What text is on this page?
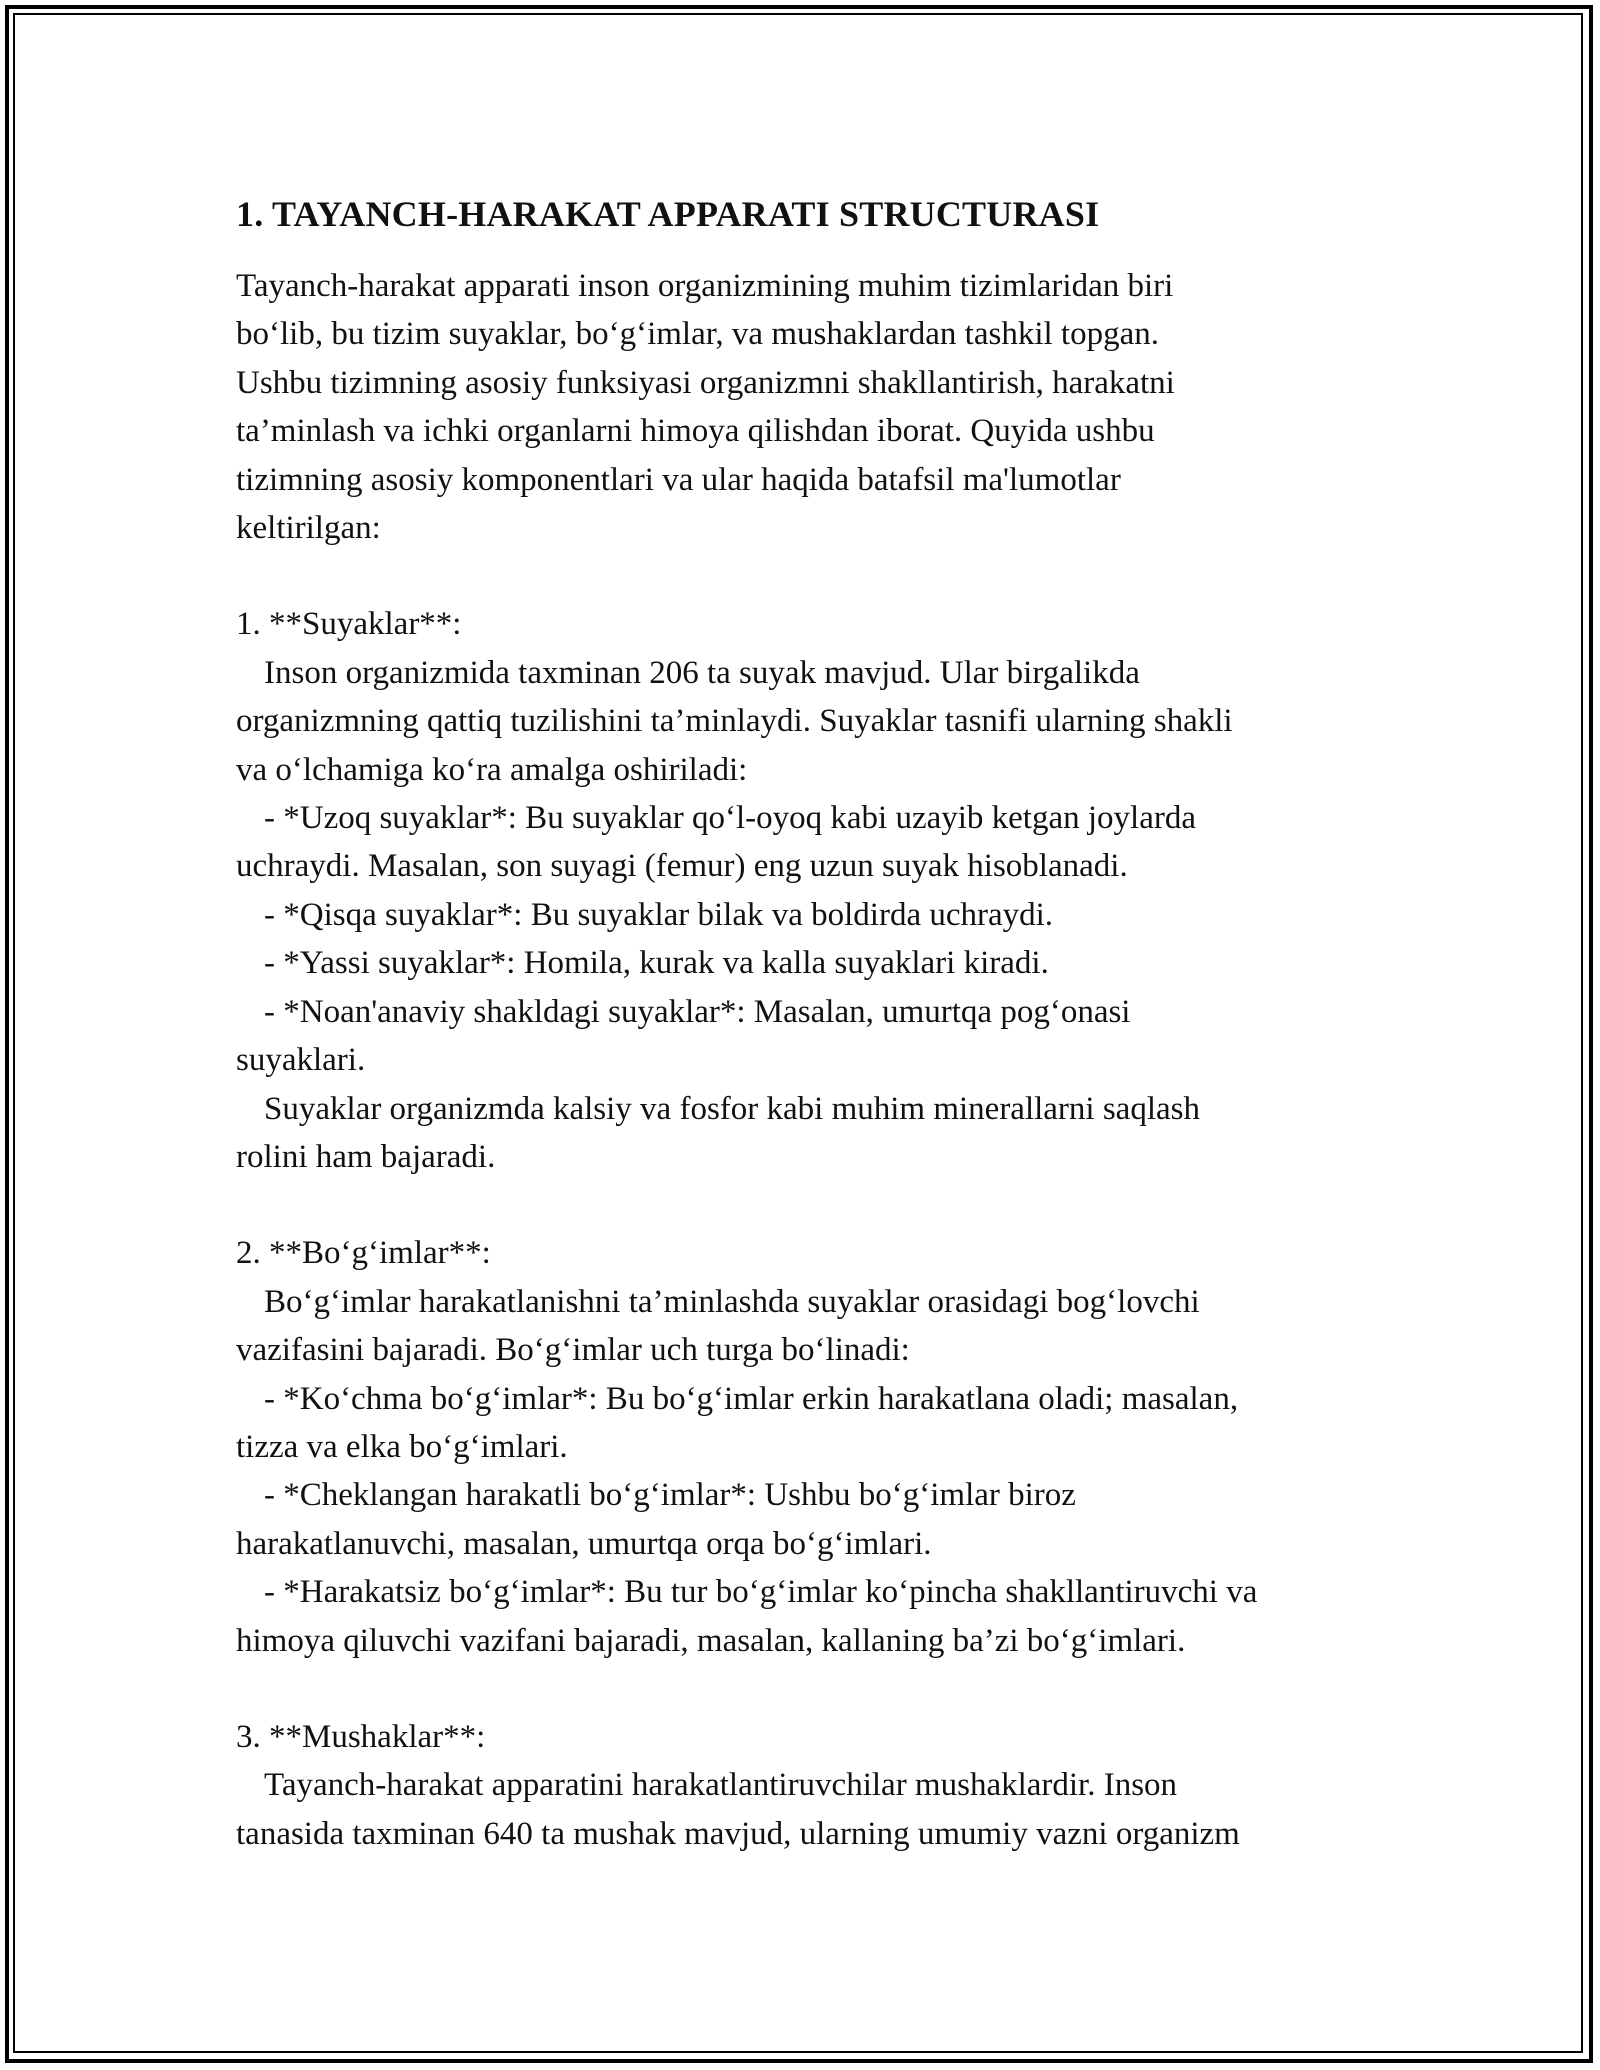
1. TAYANCH-HARAKAT APPARATI STRUCTURASI

Tayanch-harakat apparati inson organizmining muhim tizimlaridan biri

bo‘lib, bu tizim suyaklar, bo‘g‘imlar, va mushaklardan tashkil topgan.

Ushbu tizimning asosiy funksiyasi organizmni shakllantirish, harakatni

ta’minlash va ichki organlarni himoya qilishdan iborat. Quyida ushbu

tizimning asosiy komponentlari va ular haqida batafsil ma'lumotlar

keltirilgan:

1. **Suyaklar**:

Inson organizmida taxminan 206 ta suyak mavjud. Ular birgalikda

organizmning qattiq tuzilishini ta’minlaydi. Suyaklar tasnifi ularning shakli

va o‘lchamiga ko‘ra amalga oshiriladi:

- *Uzoq suyaklar*: Bu suyaklar qo‘l-oyoq kabi uzayib ketgan joylarda

uchraydi. Masalan, son suyagi (femur) eng uzun suyak hisoblanadi.

- *Qisqa suyaklar*: Bu suyaklar bilak va boldirda uchraydi.

- *Yassi suyaklar*: Homila, kurak va kalla suyaklari kiradi.

- *Noan'anaviy shakldagi suyaklar*: Masalan, umurtqa pog‘onasi

suyaklari.

Suyaklar organizmda kalsiy va fosfor kabi muhim minerallarni saqlash

rolini ham bajaradi.

2. **Bo‘g‘imlar**:

Bo‘g‘imlar harakatlanishni ta’minlashda suyaklar orasidagi bog‘lovchi

vazifasini bajaradi. Bo‘g‘imlar uch turga bo‘linadi:

- *Ko‘chma bo‘g‘imlar*: Bu bo‘g‘imlar erkin harakatlana oladi; masalan,

tizza va elka bo‘g‘imlari.

- *Cheklangan harakatli bo‘g‘imlar*: Ushbu bo‘g‘imlar biroz

harakatlanuvchi, masalan, umurtqa orqa bo‘g‘imlari.

- *Harakatsiz bo‘g‘imlar*: Bu tur bo‘g‘imlar ko‘pincha shakllantiruvchi va

himoya qiluvchi vazifani bajaradi, masalan, kallaning ba’zi bo‘g‘imlari.

3. **Mushaklar**:

Tayanch-harakat apparatini harakatlantiruvchilar mushaklardir. Inson

tanasida taxminan 640 ta mushak mavjud, ularning umumiy vazni organizm
